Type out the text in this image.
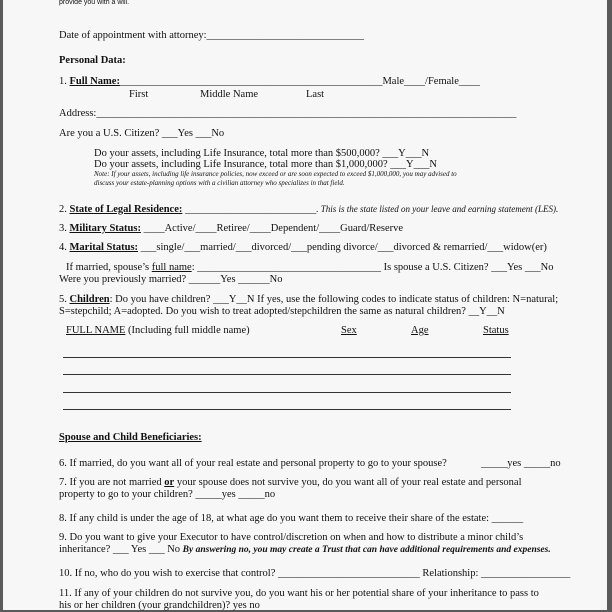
provide you with a will.
Date of appointment with attorney:______________________________
Personal Data:
1. Full Name:__________________________________________________Male____/Female____
First	Middle Name	Last
Address:________________________________________________________________________________
Are you a U.S. Citizen? ___Yes ___No
Do your assets, including Life Insurance, total more than $500,000? ___Y___N
Do your assets, including Life Insurance, total more than $1,000,000? ___Y___N
Note: If your assets, including life insurance policies, now exceed or are soon expected to exceed $1,000,000, you may advised to
discuss your estate-planning options with a civilian attorney who specializes in that field.
2. State of Legal Residence: _________________________. This is the state listed on your leave and earning statement (LES).
3. Military Status: ____Active/____Retiree/____Dependent/____Guard/Reserve
4. Marital Status: ___single/___married/___divorced/___pending divorce/___divorced & remarried/___widow(er)
If married, spouse’s full name: ___________________________________ Is spouse a U.S. Citizen? ___Yes ___No
Were you previously married? ______Yes ______No
5. Children: Do you have children? ___Y__N If yes, use the following codes to indicate status of children: N=natural;
S=stepchild; A=adopted. Do you wish to treat adopted/stepchildren the same as natural children? __Y__N
FULL NAME (Including full middle name)	Sex	Age	Status
Spouse and Child Beneficiaries:
6. If married, do you want all of your real estate and personal property to go to your spouse?	_____yes _____no
7. If you are not married or your spouse does not survive you, do you want all of your real estate and personal
property to go to your children? _____yes _____no
8. If any child is under the age of 18, at what age do you want them to receive their share of the estate: ______
9. Do you want to give your Executor to have control/discretion on when and how to distribute a minor child’s
inheritance? ___ Yes ___ No By answering no, you may create a Trust that can have additional requirements and expenses.
10. If no, who do you wish to exercise that control? ___________________________ Relationship: _________________
11. If any of your children do not survive you, do you want his or her potential share of your inheritance to pass to
his or her children (your grandchildren)? yes no
